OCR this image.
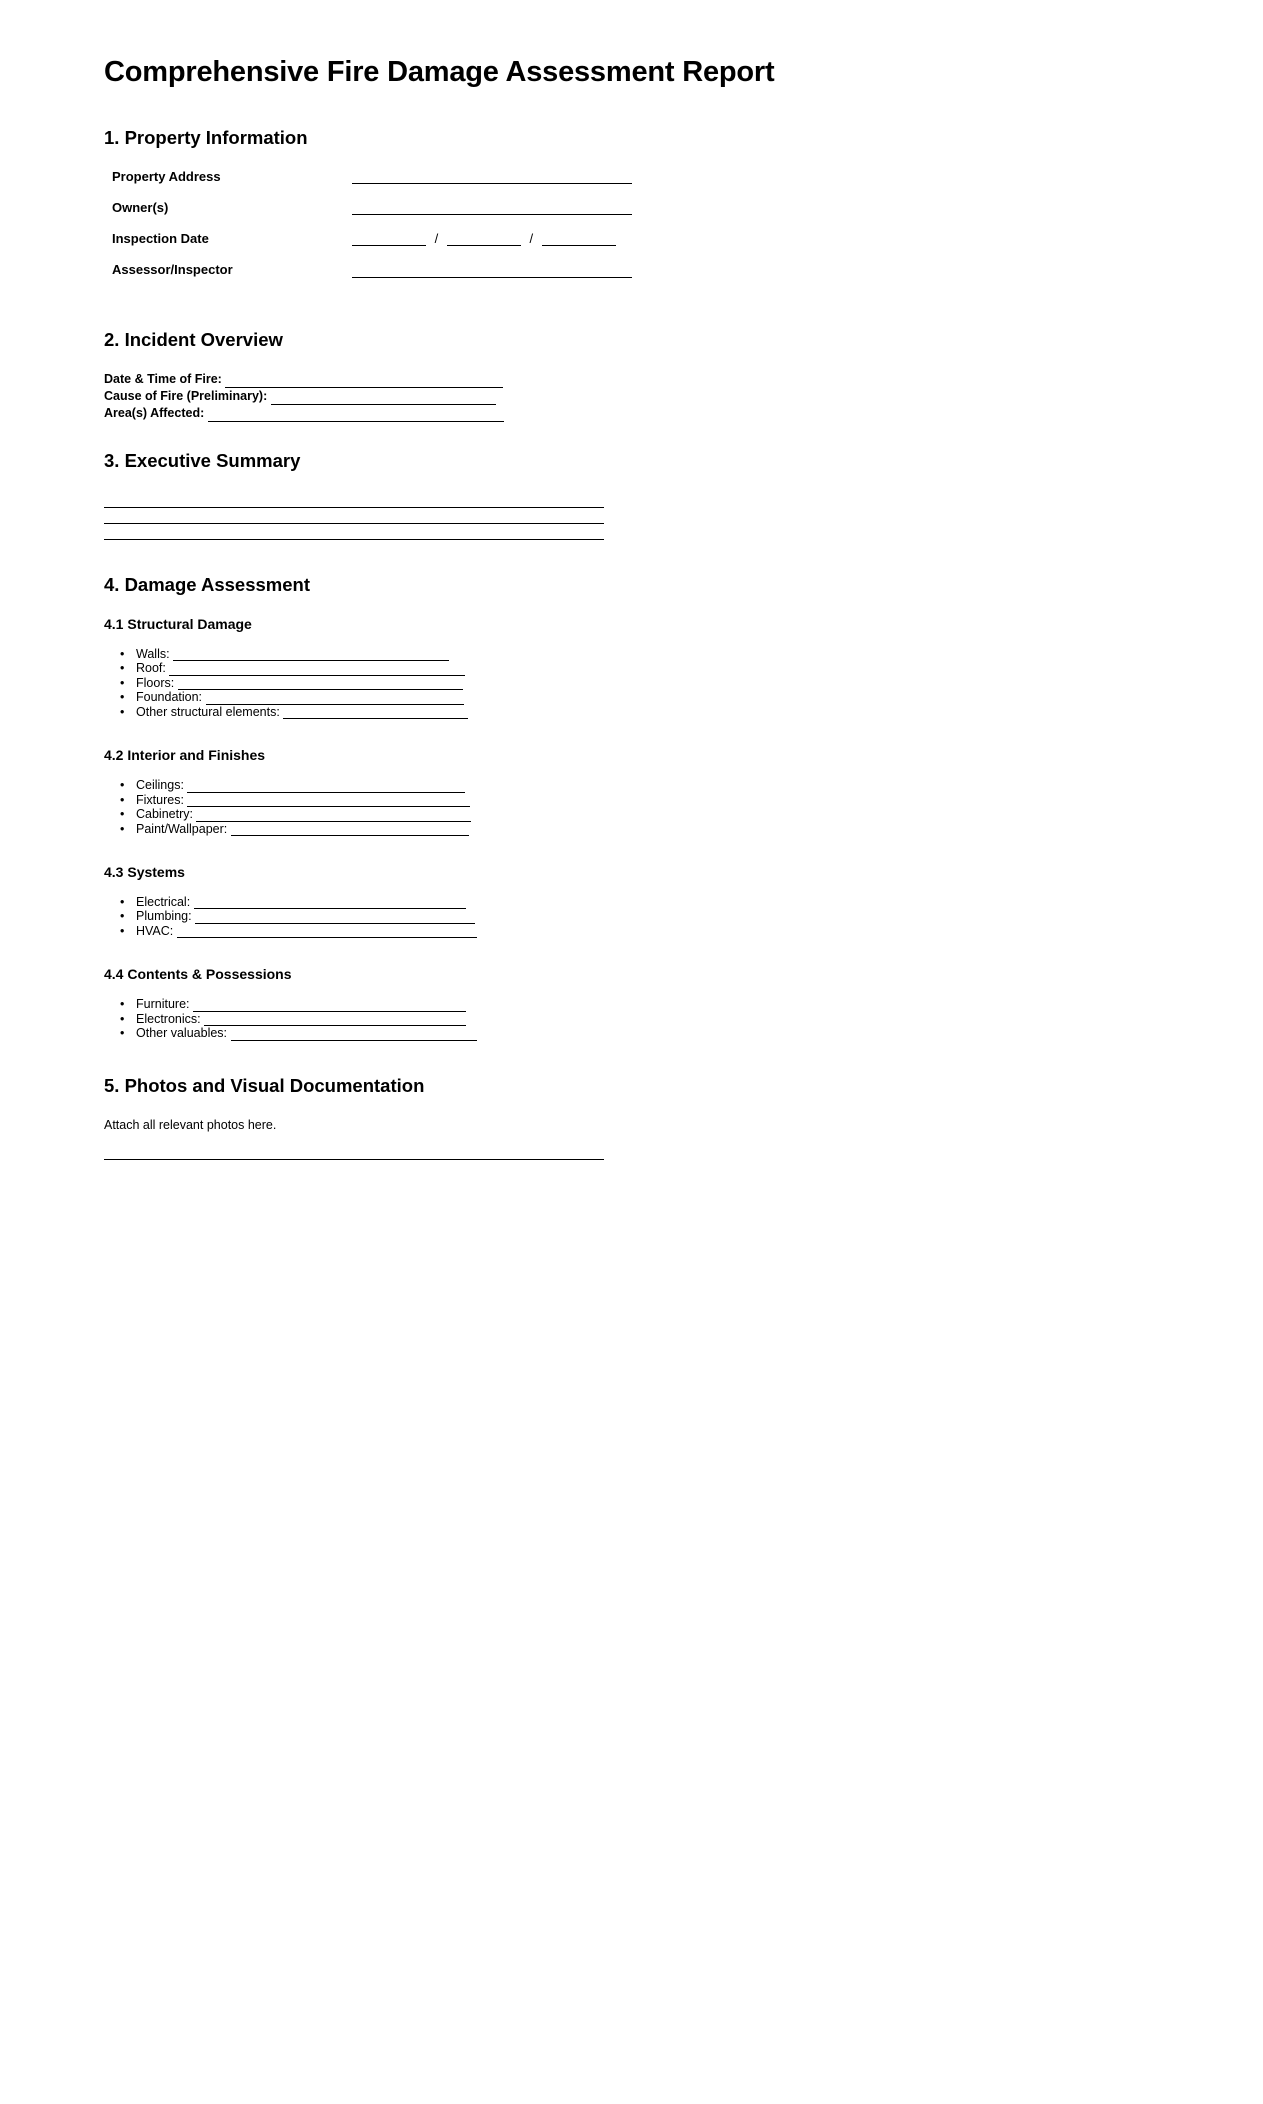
Comprehensive Fire Damage Assessment Report
1. Property Information
Property Address	
Owner(s)	
Inspection Date	/ /
Assessor/Inspector	
2. Incident Overview
Date & Time of Fire:
Cause of Fire (Preliminary):
Area(s) Affected:
3. Executive Summary
4. Damage Assessment
4.1 Structural Damage
• Walls:
• Roof:
• Floors:
• Foundation:
• Other structural elements:
4.2 Interior and Finishes
• Ceilings:
• Fixtures:
• Cabinetry:
• Paint/Wallpaper:
4.3 Systems
• Electrical:
• Plumbing:
• HVAC:
4.4 Contents & Possessions
• Furniture:
• Electronics:
• Other valuables:
5. Photos and Visual Documentation

Attach all relevant photos here.
